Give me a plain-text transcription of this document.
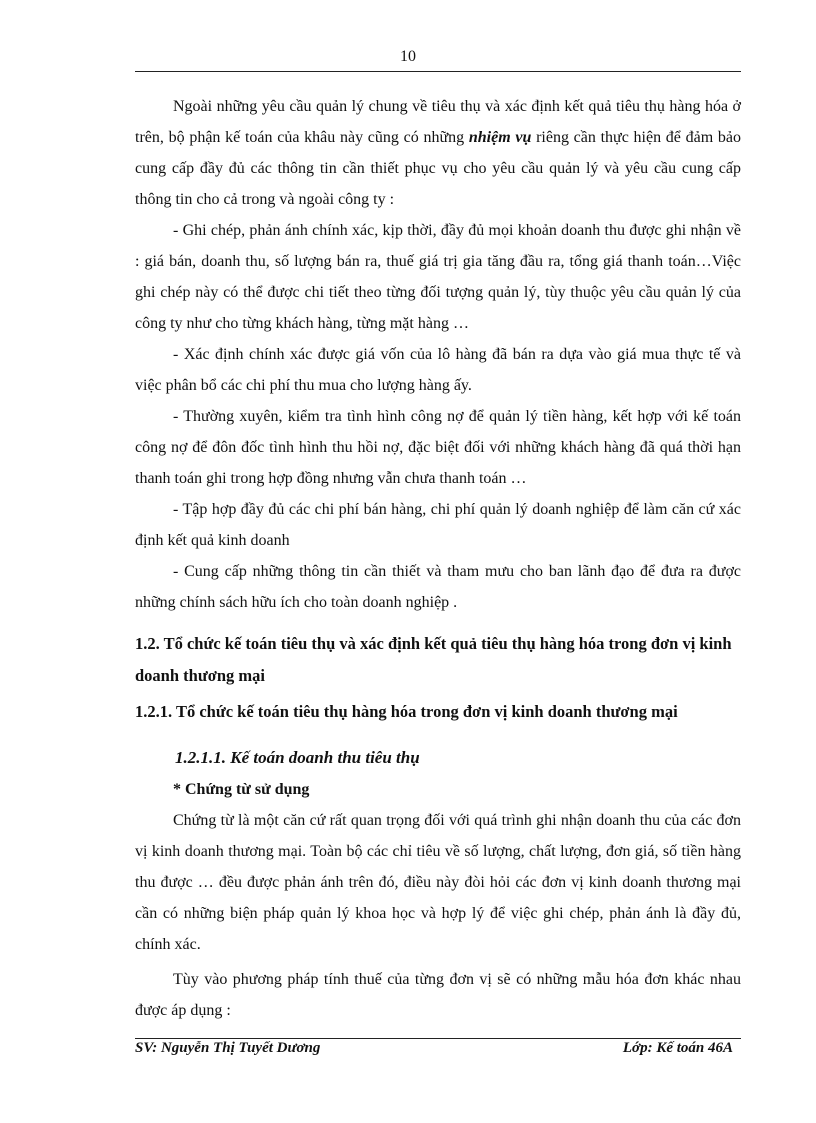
10

Ngoài những yêu cầu quản lý chung về tiêu thụ và xác định kết quả tiêu thụ hàng hóa ở trên, bộ phận kế toán của khâu này cũng có những nhiệm vụ riêng cần thực hiện để đảm bảo cung cấp đầy đủ các thông tin cần thiết phục vụ cho yêu cầu quản lý và yêu cầu cung cấp thông tin cho cả trong và ngoài công ty :

- Ghi chép, phản ánh chính xác, kịp thời, đầy đủ mọi khoản doanh thu được ghi nhận về : giá bán, doanh thu, số lượng bán ra, thuế giá trị gia tăng đầu ra, tổng giá thanh toán…Việc ghi chép này có thể được chi tiết theo từng đối tượng quản lý, tùy thuộc yêu cầu quản lý của công ty như cho từng khách hàng, từng mặt hàng …

- Xác định chính xác được giá vốn của lô hàng đã bán ra dựa vào giá mua thực tế và việc phân bổ các chi phí thu mua cho lượng hàng ấy.

- Thường xuyên, kiểm tra tình hình công nợ để quản lý tiền hàng, kết hợp với kế toán công nợ để đôn đốc tình hình thu hồi nợ, đặc biệt đối với những khách hàng đã quá thời hạn thanh toán ghi trong hợp đồng nhưng vẫn chưa thanh toán …

- Tập hợp đầy đủ các chi phí bán hàng, chi phí quản lý doanh nghiệp để làm căn cứ xác định kết quả kinh doanh

- Cung cấp những thông tin cần thiết và tham mưu cho ban lãnh đạo để đưa ra được những chính sách hữu ích cho toàn doanh nghiệp .

1.2. Tổ chức kế toán tiêu thụ và xác định kết quả tiêu thụ hàng hóa trong đơn vị kinh doanh thương mại
1.2.1. Tổ chức kế toán tiêu thụ hàng hóa trong đơn vị kinh doanh thương mại
1.2.1.1. Kế toán doanh thu tiêu thụ
* Chứng từ sử dụng

Chứng từ là một căn cứ rất quan trọng đối với quá trình ghi nhận doanh thu của các đơn vị kinh doanh thương mại. Toàn bộ các chỉ tiêu về số lượng, chất lượng, đơn giá, số tiền hàng thu được … đều được phản ánh trên đó, điều này đòi hỏi các đơn vị kinh doanh thương mại cần có những biện pháp quản lý khoa học và hợp lý để việc ghi chép, phản ánh là đầy đủ, chính xác.

Tùy vào phương pháp tính thuế của từng đơn vị sẽ có những mẫu hóa đơn khác nhau được áp dụng :

SV: Nguyễn Thị Tuyết Dương	Lớp: Kế toán 46A
